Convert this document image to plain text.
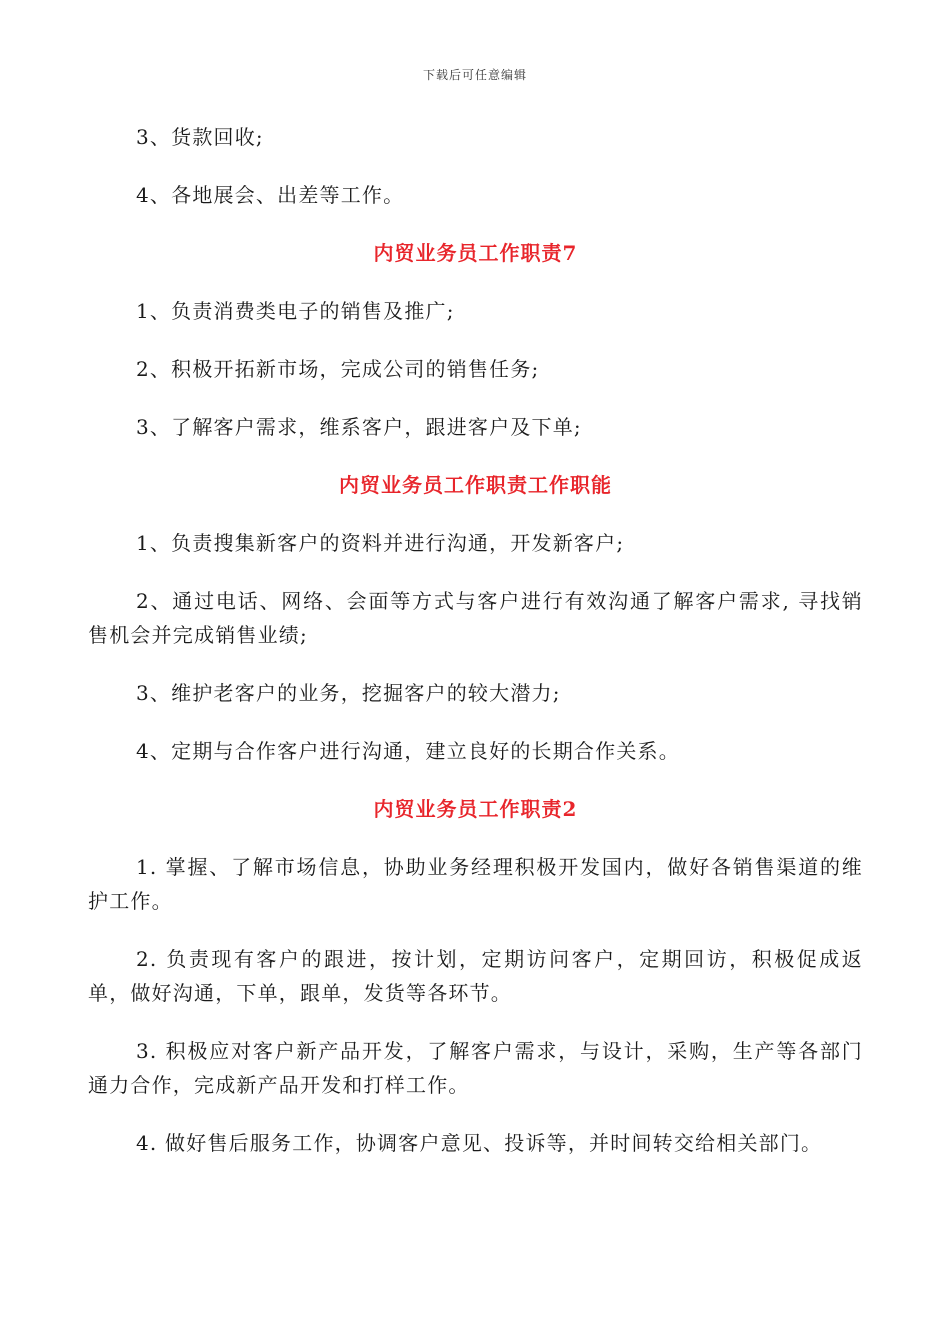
下载后可任意编辑

3、货款回收;

4、各地展会、出差等工作。

内贸业务员工作职责7

1、负责消费类电子的销售及推广;

2、积极开拓新市场，完成公司的销售任务;

3、了解客户需求，维系客户，跟进客户及下单;

内贸业务员工作职责工作职能

1、负责搜集新客户的资料并进行沟通，开发新客户;

2、通过电话、网络、会面等方式与客户进行有效沟通了解客户需求, 寻找销售机会并完成销售业绩;

3、维护老客户的业务，挖掘客户的较大潜力;

4、定期与合作客户进行沟通，建立良好的长期合作关系。

内贸业务员工作职责2

1. 掌握、了解市场信息，协助业务经理积极开发国内，做好各销售渠道的维护工作。

2. 负责现有客户的跟进，按计划，定期访问客户，定期回访，积极促成返单，做好沟通，下单，跟单，发货等各环节。

3. 积极应对客户新产品开发，了解客户需求，与设计，采购，生产等各部门通力合作，完成新产品开发和打样工作。

4. 做好售后服务工作，协调客户意见、投诉等，并时间转交给相关部门。
